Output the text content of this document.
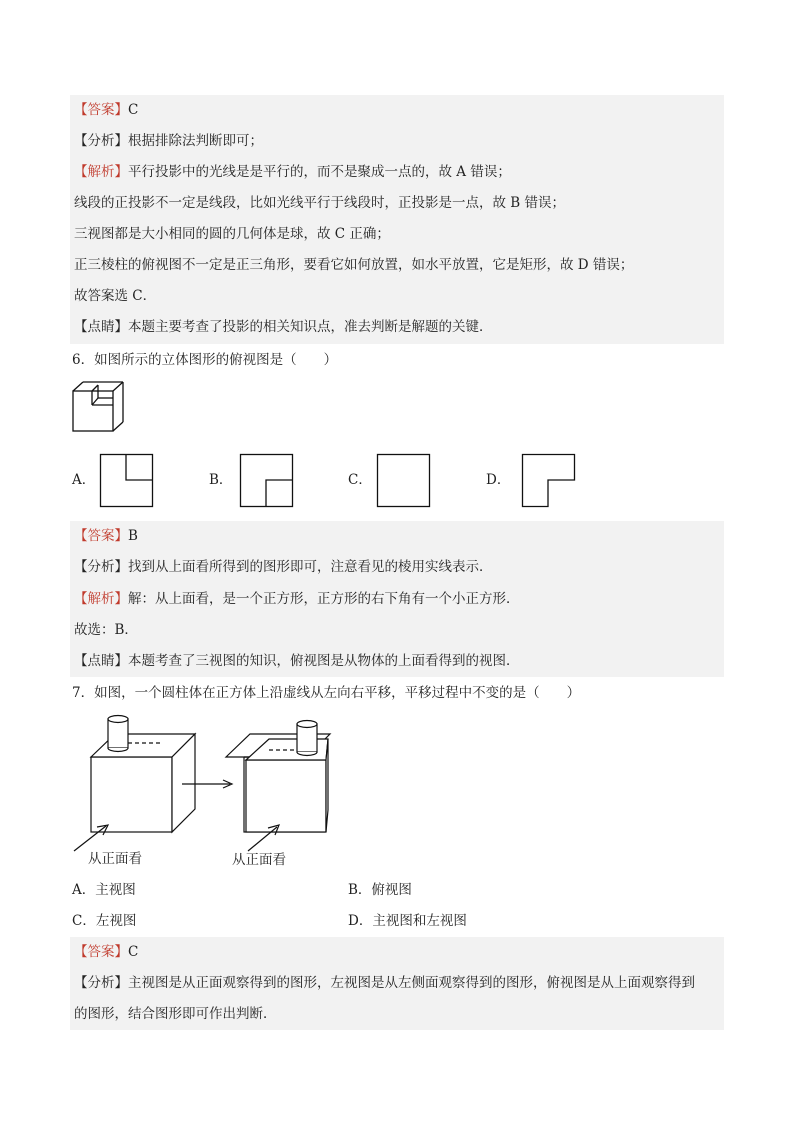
【答案】C
【分析】根据排除法判断即可；
【解析】平行投影中的光线是是平行的，而不是聚成一点的，故 A 错误；
线段的正投影不一定是线段，比如光线平行于线段时，正投影是一点，故 B 错误；
三视图都是大小相同的圆的几何体是球，故 C 正确；
正三棱柱的俯视图不一定是正三角形，要看它如何放置，如水平放置，它是矩形，故 D 错误；
故答案选 C．
【点睛】本题主要考查了投影的相关知识点，准去判断是解题的关键．
6．如图所示的立体图形的俯视图是（　　）
A．	B．	C．	D．
【答案】B
【分析】找到从上面看所得到的图形即可，注意看见的棱用实线表示．
【解析】解：从上面看，是一个正方形，正方形的右下角有一个小正方形．
故选：B．
【点睛】本题考查了三视图的知识，俯视图是从物体的上面看得到的视图．
7．如图，一个圆柱体在正方体上沿虚线从左向右平移，平移过程中不变的是（　　）
从正面看	从正面看
A．主视图	B．俯视图
C．左视图	D．主视图和左视图
【答案】C
【分析】主视图是从正面观察得到的图形，左视图是从左侧面观察得到的图形，俯视图是从上面观察得到
的图形，结合图形即可作出判断．
